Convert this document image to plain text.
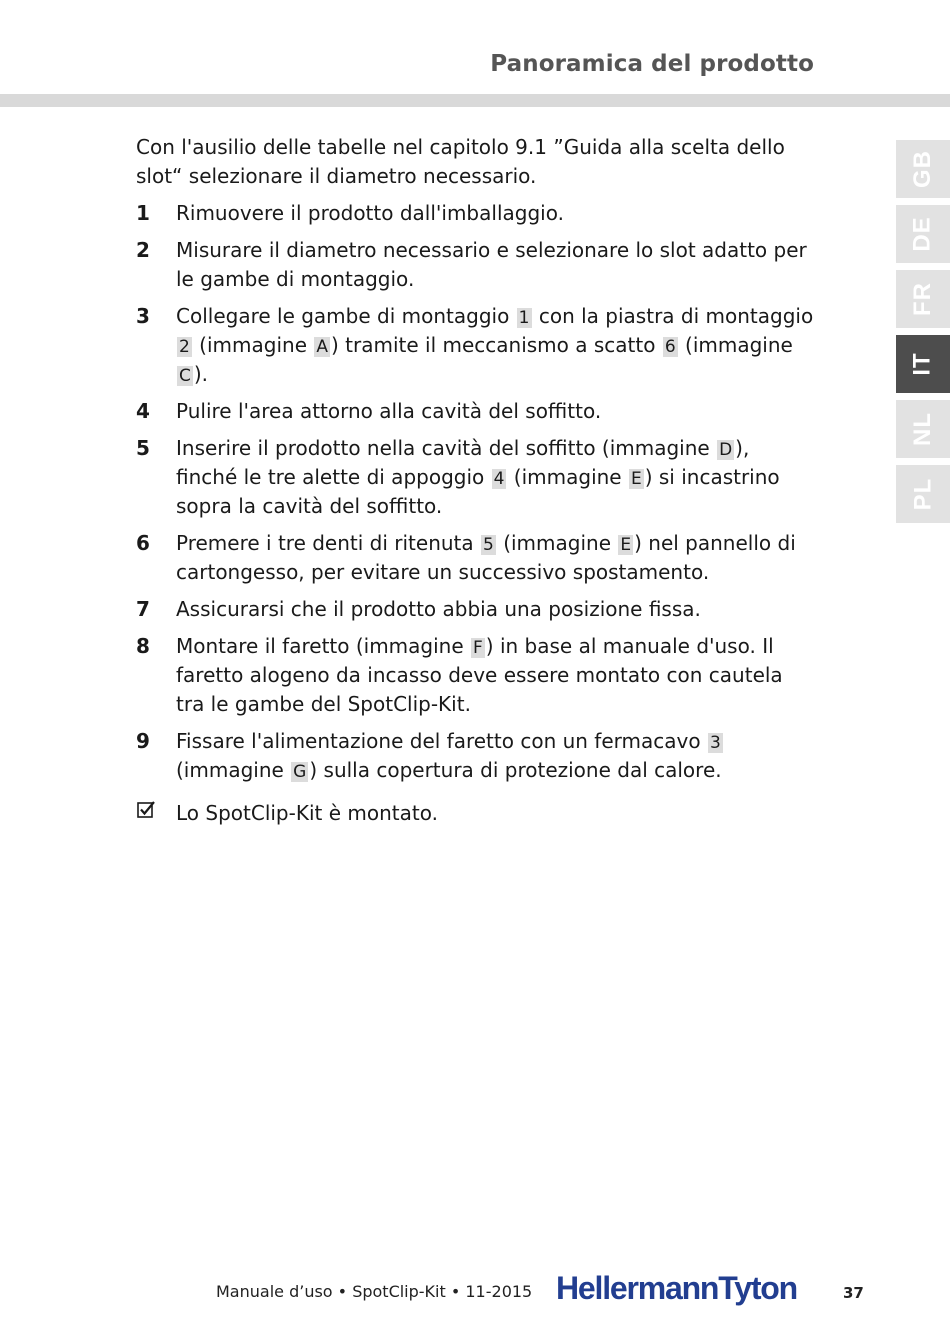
Panoramica del prodotto
GB
DE
FR
IT
NL
PL

Con l'ausilio delle tabelle nel capitolo 9.1 ”Guida alla scelta dello slot“ selezionare il diametro necessario.

1	Rimuovere il prodotto dall'imballaggio.
2	Misurare il diametro necessario e selezionare lo slot adatto per le gambe di montaggio.
3	Collegare le gambe di montaggio 1 con la piastra di montaggio 2 (immagine A ) tramite il meccanismo a scatto 6 (immagine C ).
4	Pulire l'area attorno alla cavità del soffitto.
5	Inserire il prodotto nella cavità del soffitto (immagine D ), finché le tre alette di appoggio 4 (immagine E ) si incastrino sopra la cavità del soffitto.
6	Premere i tre denti di ritenuta 5 (immagine E ) nel pannello di cartongesso, per evitare un successivo spostamento.
7	Assicurarsi che il prodotto abbia una posizione fissa.
8	Montare il faretto (immagine F ) in base al manuale d'uso. Il faretto alogeno da incasso deve essere montato con cautela tra le gambe del SpotClip-Kit.
9	Fissare l'alimentazione del faretto con un fermacavo 3 (immagine G ) sulla copertura di protezione dal calore.
Lo SpotClip-Kit è montato.
Manuale d’uso • SpotClip-Kit • 11-2015 HellermannTyton	37
